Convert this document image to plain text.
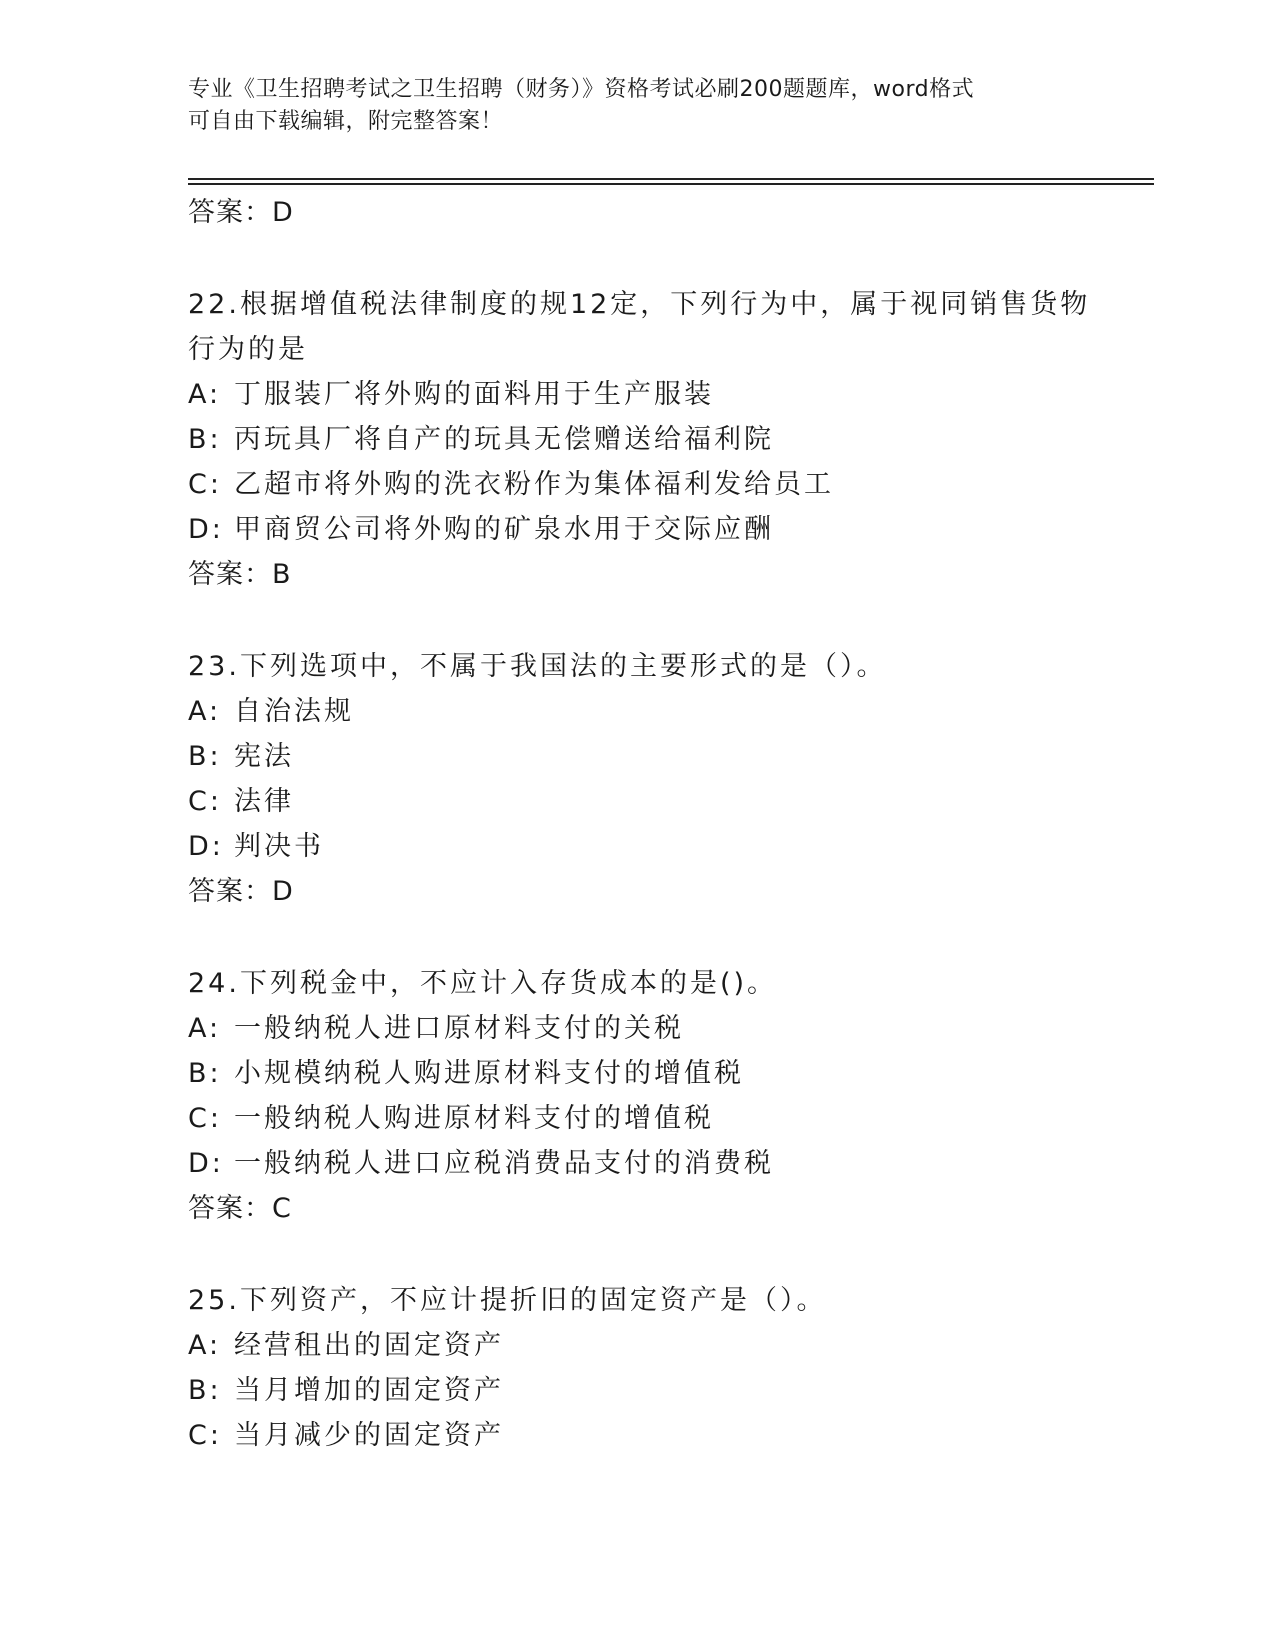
专业《卫生招聘考试之卫生招聘（财务）》资格考试必刷200题题库，word格式
可自由下载编辑，附完整答案！
答案：D
22.根据增值税法律制度的规12定，下列行为中，属于视同销售货物
行为的是
A: 丁服装厂将外购的面料用于生产服装
B: 丙玩具厂将自产的玩具无偿赠送给福利院
C: 乙超市将外购的洗衣粉作为集体福利发给员工
D: 甲商贸公司将外购的矿泉水用于交际应酬
答案：B
23.下列选项中，不属于我国法的主要形式的是（）。
A: 自治法规
B: 宪法
C: 法律
D: 判决书
答案：D
24.下列税金中，不应计入存货成本的是()。
A: 一般纳税人进口原材料支付的关税
B: 小规模纳税人购进原材料支付的增值税
C: 一般纳税人购进原材料支付的增值税
D: 一般纳税人进口应税消费品支付的消费税
答案：C
25.下列资产，不应计提折旧的固定资产是（）。
A: 经营租出的固定资产
B: 当月增加的固定资产
C: 当月减少的固定资产
